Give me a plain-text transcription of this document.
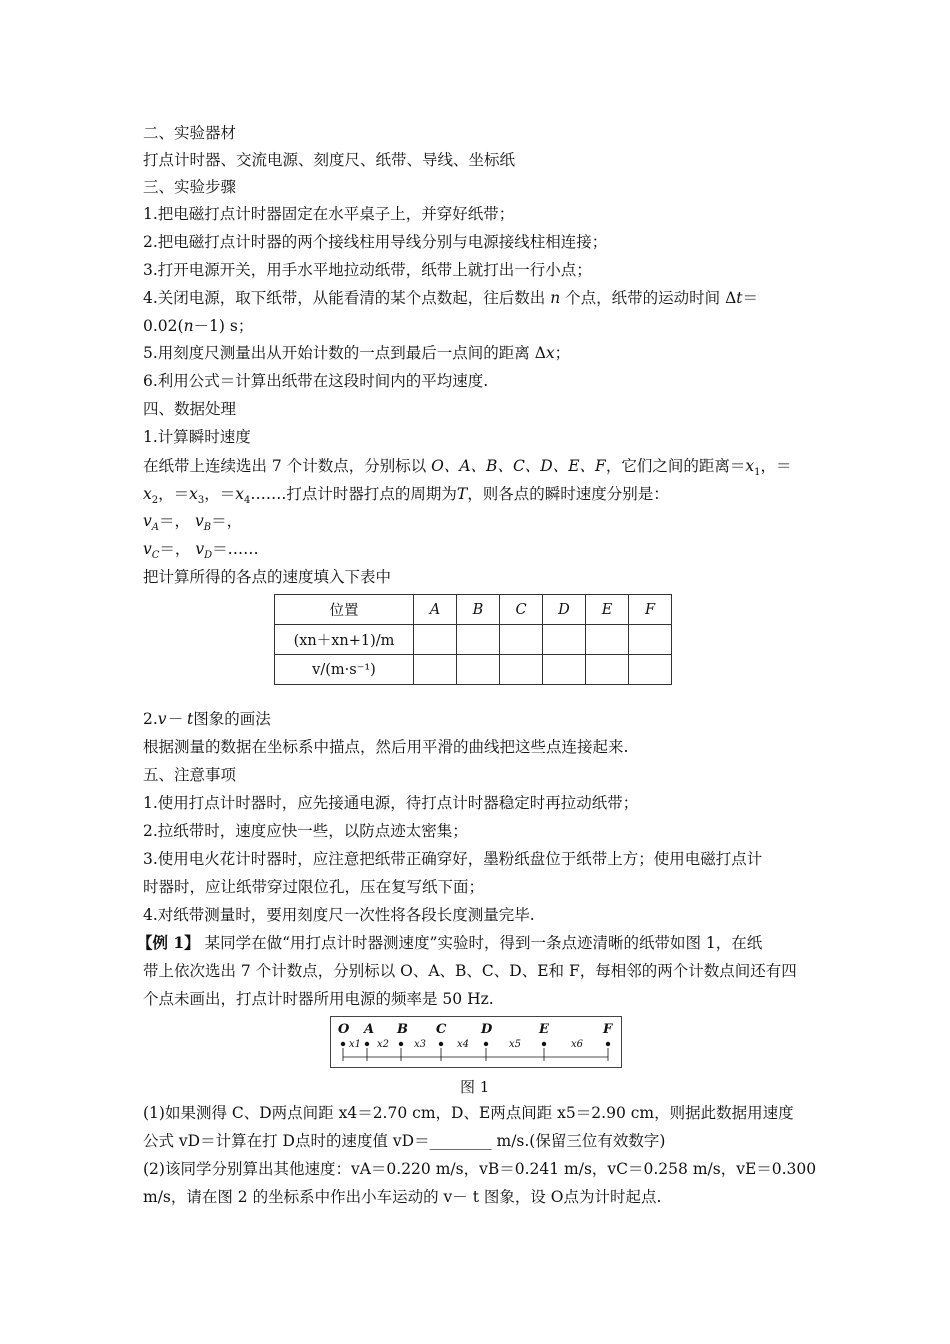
二、实验器材
打点计时器、交流电源、刻度尺、纸带、导线、坐标纸
三、实验步骤
1.把电磁打点计时器固定在水平桌子上，并穿好纸带；
2.把电磁打点计时器的两个接线柱用导线分别与电源接线柱相连接；
3.打开电源开关，用手水平地拉动纸带，纸带上就打出一行小点；
4.关闭电源，取下纸带，从能看清的某个点数起，往后数出 n 个点，纸带的运动时间 Δt＝
0.02(n－1) s；
5.用刻度尺测量出从开始计数的一点到最后一点间的距离 Δx；
6.利用公式＝计算出纸带在这段时间内的平均速度.
四、数据处理
1.计算瞬时速度
在纸带上连续选出 7 个计数点，分别标以 O、A、B、C、D、E、F，它们之间的距离$=x_1$，＝
$x_2$，$=x_3$，$=x_4\dots\dots$.打点计时器打点的周期为T，则各点的瞬时速度分别是：
$v_A=$， $v_B=$，
$v_C=$， $v_D=\dots\dots$
把计算所得的各点的速度填入下表中
位置	A	B	C	D	E	F
(xn＋xn+1)/m						
v/(m·s⁻¹)						
2.v－ t图象的画法
根据测量的数据在坐标系中描点，然后用平滑的曲线把这些点连接起来.
五、注意事项
1.使用打点计时器时，应先接通电源，待打点计时器稳定时再拉动纸带；
2.拉纸带时，速度应快一些，以防点迹太密集；
3.使用电火花计时器时，应注意把纸带正确穿好，墨粉纸盘位于纸带上方；使用电磁打点计
时器时，应让纸带穿过限位孔，压在复写纸下面；
4.对纸带测量时，要用刻度尺一次性将各段长度测量完毕.
【例 1】 某同学在做“用打点计时器测速度”实验时，得到一条点迹清晰的纸带如图 1，在纸
带上依次选出 7 个计数点，分别标以 O、A、B、C、D、E和 F，每相邻的两个计数点间还有四
个点未画出，打点计时器所用电源的频率是 50 Hz.
O A B C	D	E	F
x1 x2 x3	x4	x5	x6
图 1
(1)如果测得 C、D两点间距 x4＝2.70 cm，D、E两点间距 x5＝2.90 cm，则据此数据用速度
公式 vD＝计算在打 D点时的速度值 vD＝________ m/s.(保留三位有效数字)
(2)该同学分别算出其他速度：vA＝0.220 m/s，vB＝0.241 m/s，vC＝0.258 m/s，vE＝0.300
m/s，请在图 2 的坐标系中作出小车运动的 v－ t 图象，设 O点为计时起点.
